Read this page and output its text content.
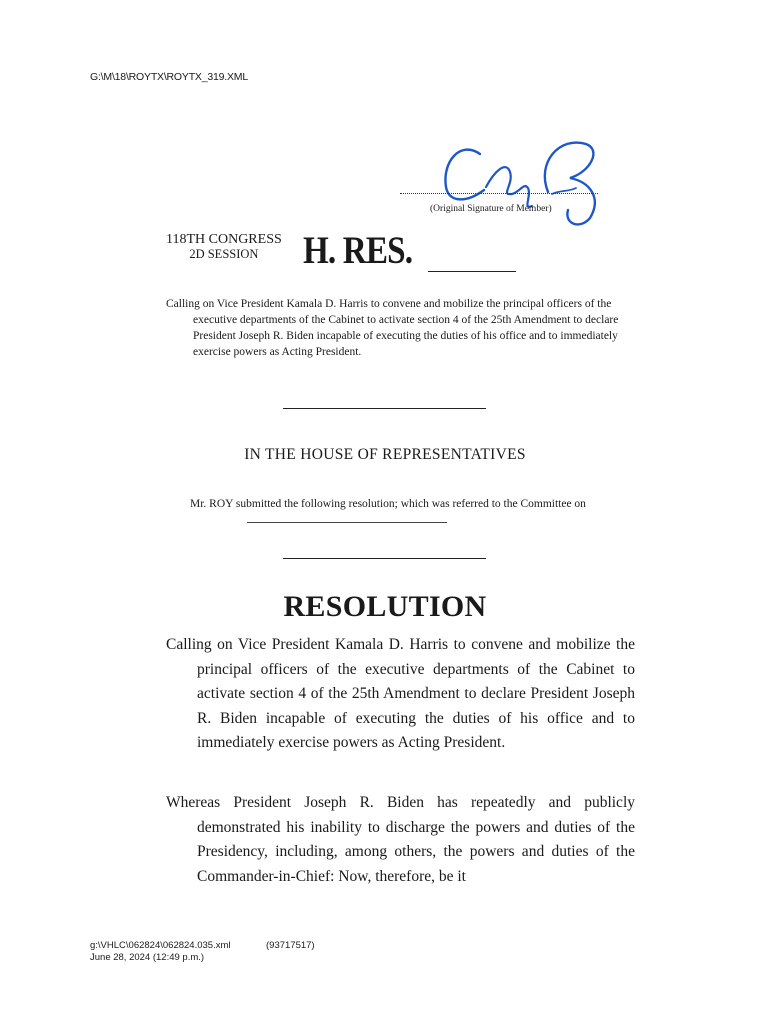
G:\M\18\ROYTX\ROYTX_319.XML
(Original Signature of Member)
118TH CONGRESS
2D SESSION	H. RES.
Calling on Vice President Kamala D. Harris to convene and mobilize the principal officers of the executive departments of the Cabinet to activate section 4 of the 25th Amendment to declare President Joseph R. Biden incapable of executing the duties of his office and to immediately exercise powers as Acting President.
IN THE HOUSE OF REPRESENTATIVES
Mr. ROY submitted the following resolution; which was referred to the Committee on
RESOLUTION
Calling on Vice President Kamala D. Harris to convene and mobilize the principal officers of the executive departments of the Cabinet to activate section 4 of the 25th Amendment to declare President Joseph R. Biden incapable of executing the duties of his office and to immediately exercise powers as Acting President.
Whereas President Joseph R. Biden has repeatedly and publicly demonstrated his inability to discharge the powers and duties of the Presidency, including, among others, the powers and duties of the Commander-in-Chief: Now, therefore, be it
g:\VHLC\062824\062824.035.xml
June 28, 2024 (12:49 p.m.)
(93717517)
